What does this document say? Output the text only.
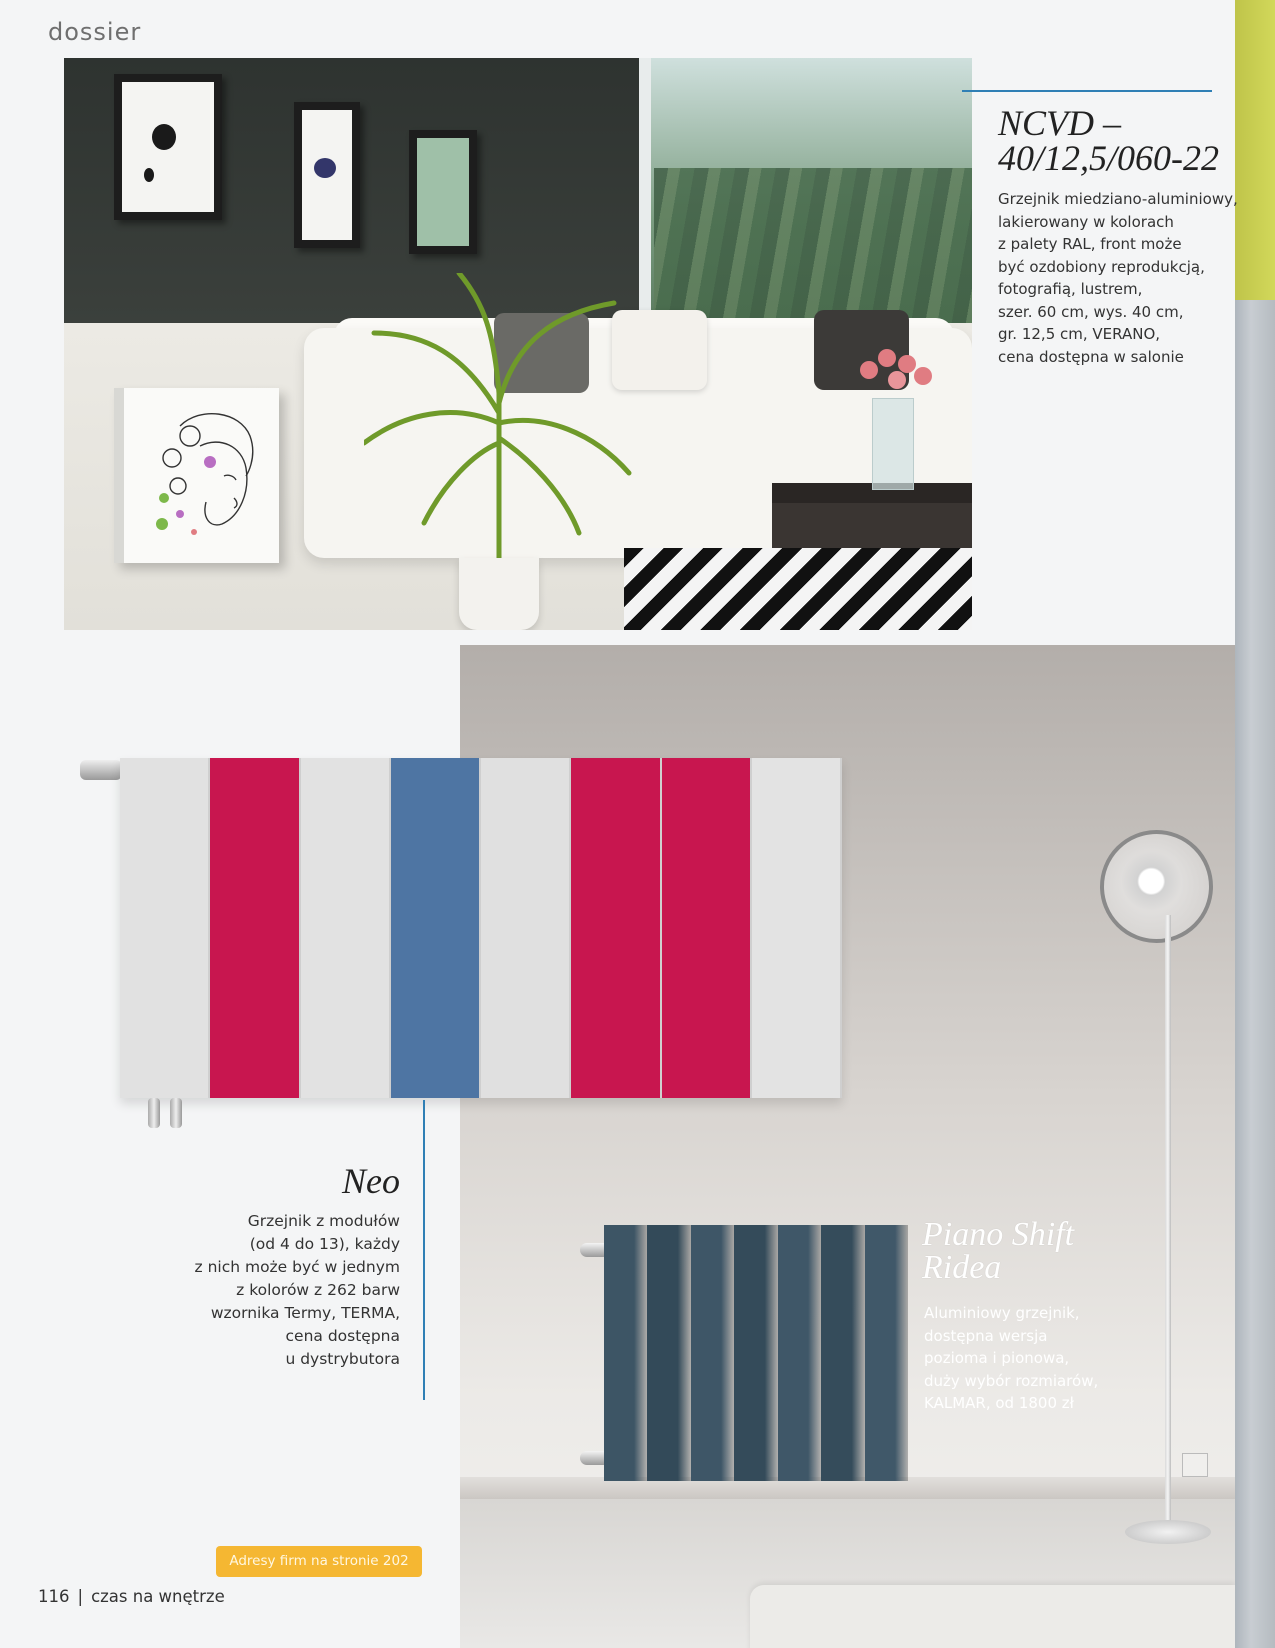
dossier
NCVD –
40/12,5/060-22
Grzejnik miedziano-aluminiowy,
lakierowany w kolorach
z palety RAL, front może
być ozdobiony reprodukcją,
fotografią, lustrem,
szer. 60 cm, wys. 40 cm,
gr. 12,5 cm, VERANO,
cena dostępna w salonie
Neo
Grzejnik z modułów
(od 4 do 13), każdy
z nich może być w jednym
z kolorów z 262 barw
wzornika Termy, TERMA,
cena dostępna
u dystrybutora
Piano Shift
Ridea
Aluminiowy grzejnik,
dostępna wersja
pozioma i pionowa,
duży wybór rozmiarów,
KALMAR, od 1800 zł
Adresy firm na stronie 202
116 | czas na wnętrze
